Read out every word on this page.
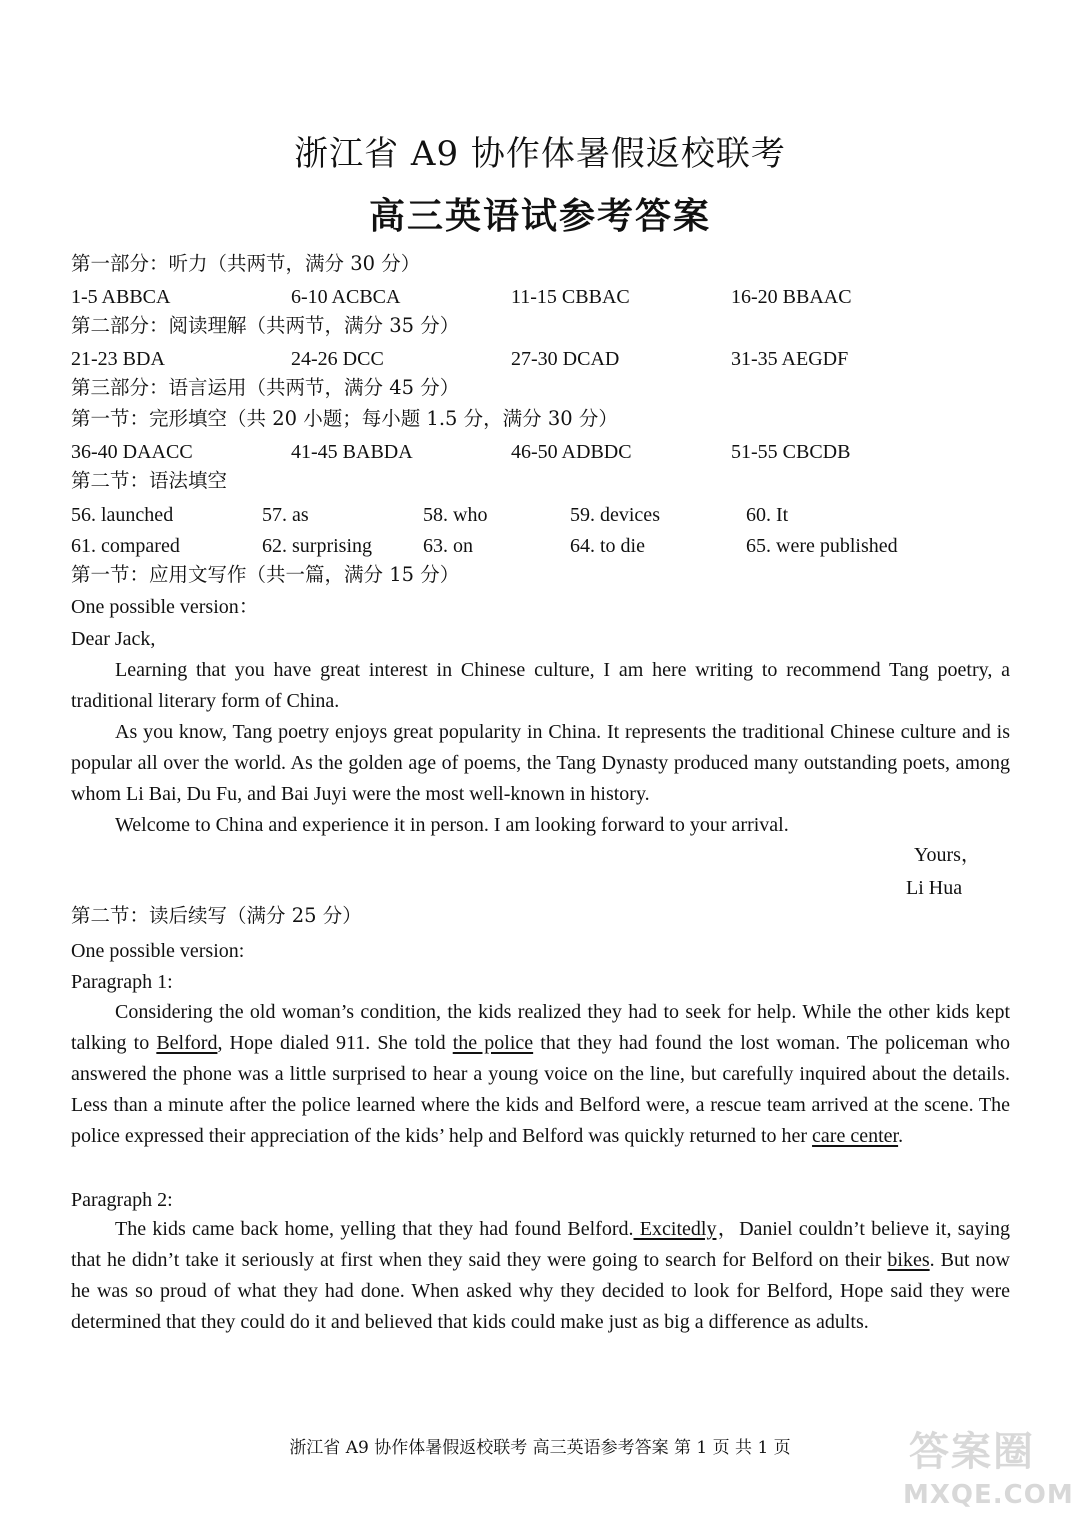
浙江省 A9 协作体暑假返校联考
高三英语试参考答案
第一部分：听力（共两节，满分 30 分）
1-5 ABBCA	6-10 ACBCA	11-15 CBBAC	16-20 BBAAC
第二部分：阅读理解（共两节，满分 35 分）
21-23 BDA	24-26 DCC	27-30 DCAD	31-35 AEGDF
第三部分：语言运用（共两节，满分 45 分）
第一节：完形填空（共 20 小题；每小题 1.5 分，满分 30 分）
36-40 DAACC	41-45 BABDA	46-50 ADBDC	51-55 CBCDB
第二节：语法填空
56. launched	57. as	58. who	59. devices	60. It
61. compared	62. surprising	63. on	64. to die	65. were published
第一节：应用文写作（共一篇，满分 15 分）
One possible version：
Dear Jack,

Learning that you have great interest in Chinese culture, I am here writing to recommend Tang poetry, a traditional literary form of China.

As you know, Tang poetry enjoys great popularity in China. It represents the traditional Chinese culture and is popular all over the world. As the golden age of poems, the Tang Dynasty produced many outstanding poets, among whom Li Bai, Du Fu, and Bai Juyi were the most well-known in history.

Welcome to China and experience it in person. I am looking forward to your arrival.

Yours，
Li Hua
第二节：读后续写（满分 25 分）
One possible version:
Paragraph 1:

Considering the old woman’s condition, the kids realized they had to seek for help. While the other kids kept talking to Belford, Hope dialed 911. She told the police that they had found the lost woman. The policeman who answered the phone was a little surprised to hear a young voice on the line, but carefully inquired about the details. Less than a minute after the police learned where the kids and Belford were, a rescue team arrived at the scene. The police expressed their appreciation of the kids’ help and Belford was quickly returned to her care center.

Paragraph 2:

The kids came back home, yelling that they had found Belford. Excitedly，Daniel couldn’t believe it, saying that he didn’t take it seriously at first when they said they were going to search for Belford on their bikes. But now he was so proud of what they had done. When asked why they decided to look for Belford, Hope said they were determined that they could do it and believed that kids could make just as big a difference as adults.

浙江省 A9 协作体暑假返校联考 高三英语参考答案 第 1 页 共 1 页	答案圈
MXQE.COM
